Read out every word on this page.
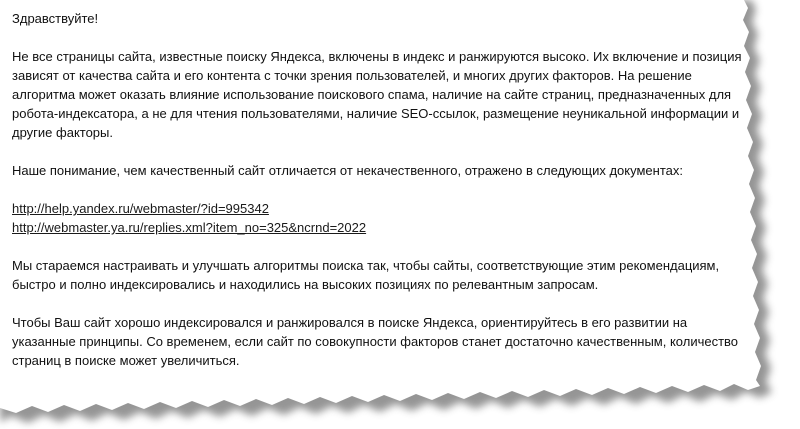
Здравствуйте!

Не все страницы сайта, известные поиску Яндекса, включены в индекс и ранжируются высоко. Их включение и позиция зависят от качества сайта и его контента с точки зрения пользователей, и многих других факторов. На решение алгоритма может оказать влияние использование поискового спама, наличие на сайте страниц, предназначенных для робота-индексатора, а не для чтения пользователями, наличие SEO-ссылок, размещение неуникальной информации и другие факторы.

Наше понимание, чем качественный сайт отличается от некачественного, отражено в следующих документах:

http://help.yandex.ru/webmaster/?id=995342

http://webmaster.ya.ru/replies.xml?item_no=325&ncrnd=2022

Мы стараемся настраивать и улучшать алгоритмы поиска так, чтобы сайты, соответствующие этим рекомендациям, быстро и полно индексировались и находились на высоких позициях по релевантным запросам.

Чтобы Ваш сайт хорошо индексировался и ранжировался в поиске Яндекса, ориентируйтесь в его развитии на указанные принципы. Со временем, если сайт по совокупности факторов станет достаточно качественным, количество страниц в поиске может увеличиться.
